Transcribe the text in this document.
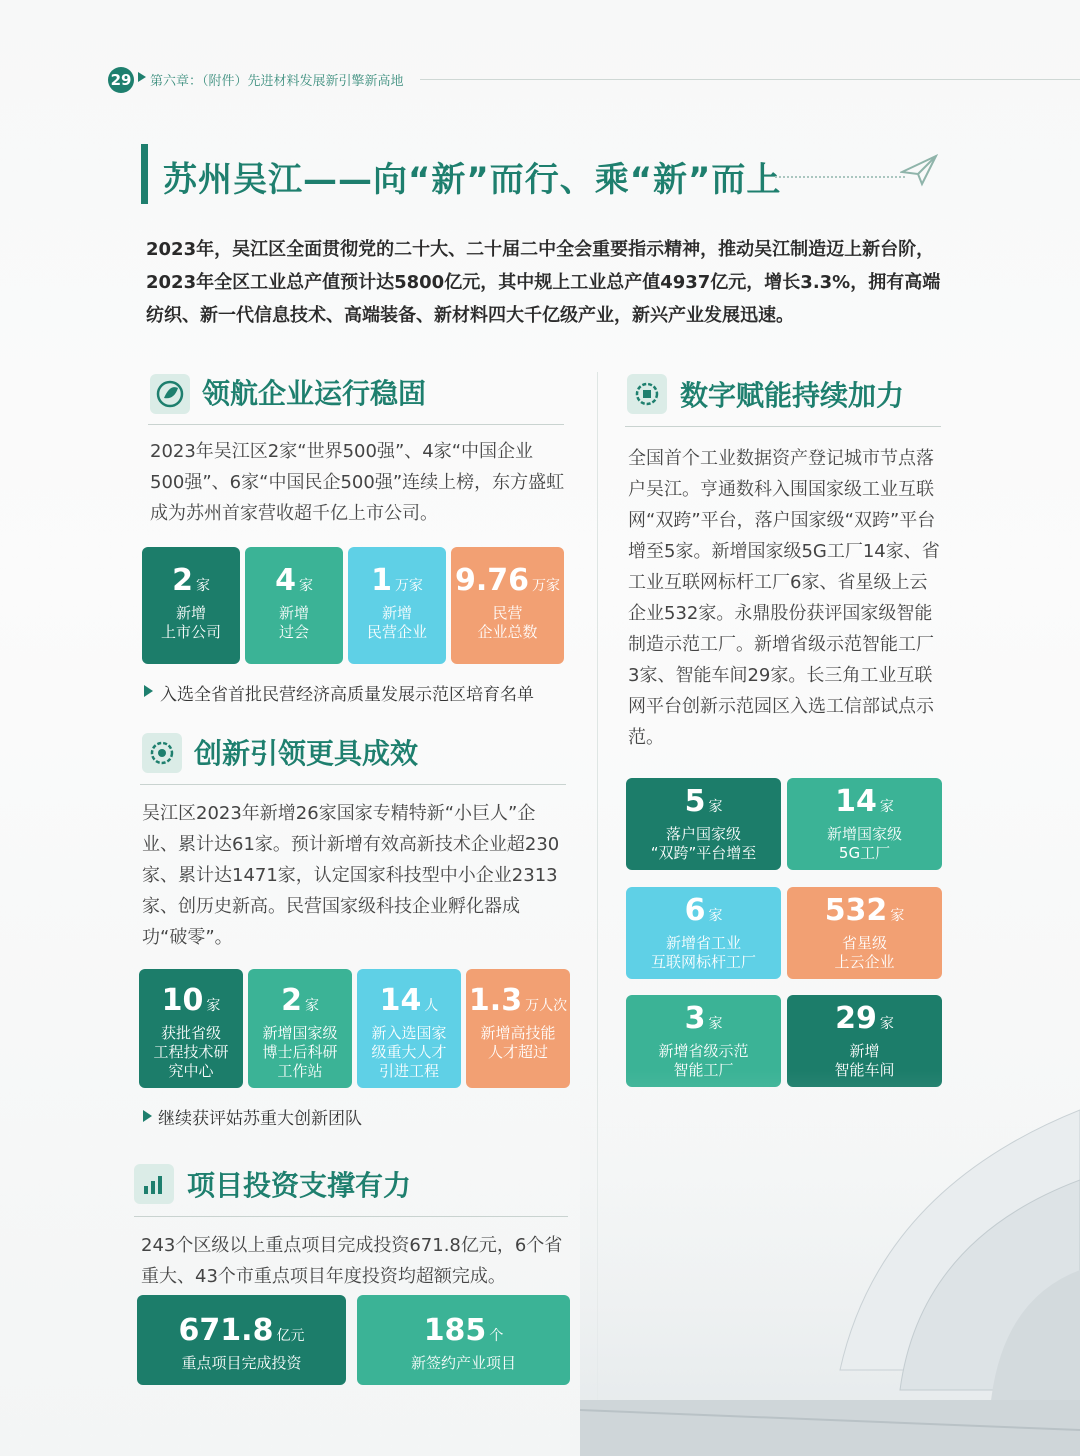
29 第六章：（附件）先进材料发展新引擎新高地
苏州吴江——向“新”而行、乘“新”而上
2023年，吴江区全面贯彻党的二十大、二十届二中全会重要指示精神，推动吴江制造迈上新台阶，2023年全区工业总产值预计达5800亿元，其中规上工业总产值4937亿元，增长3.3%，拥有高端纺织、新一代信息技术、高端装备、新材料四大千亿级产业，新兴产业发展迅速。
领航企业运行稳固
2023年吴江区2家“世界500强”、4家“中国企业500强”、6家“中国民企500强”连续上榜，东方盛虹成为苏州首家营收超千亿上市公司。
2 家
新增
上市公司
4 家
新增
过会
1 万家
新增
民营企业
9.76 万家
民营
企业总数
入选全省首批民营经济高质量发展示范区培育名单
创新引领更具成效
吴江区2023年新增26家国家专精特新“小巨人”企业、累计达61家。预计新增有效高新技术企业超230家、累计达1471家，认定国家科技型中小企业2313家、创历史新高。民营国家级科技企业孵化器成功“破零”。
10 家
获批省级
工程技术研
究中心
2 家
新增国家级
博士后科研
工作站
14 人
新入选国家
级重大人才
引进工程
1.3 万人次
新增高技能
人才超过
继续获评姑苏重大创新团队
项目投资支撑有力
243个区级以上重点项目完成投资671.8亿元，6个省重大、43个市重点项目年度投资均超额完成。
671.8 亿元
重点项目完成投资
185 个
新签约产业项目
数字赋能持续加力
全国首个工业数据资产登记城市节点落户吴江。亨通数科入围国家级工业互联网“双跨”平台，落户国家级“双跨”平台增至5家。新增国家级5G工厂14家、省工业互联网标杆工厂6家、省星级上云企业532家。永鼎股份获评国家级智能制造示范工厂。新增省级示范智能工厂3家、智能车间29家。长三角工业互联网平台创新示范园区入选工信部试点示范。
5 家
落户国家级
“双跨”平台增至
14 家
新增国家级
5G工厂
6 家
新增省工业
互联网标杆工厂
532 家
省星级
上云企业
3 家
新增省级示范

29 家
新增
